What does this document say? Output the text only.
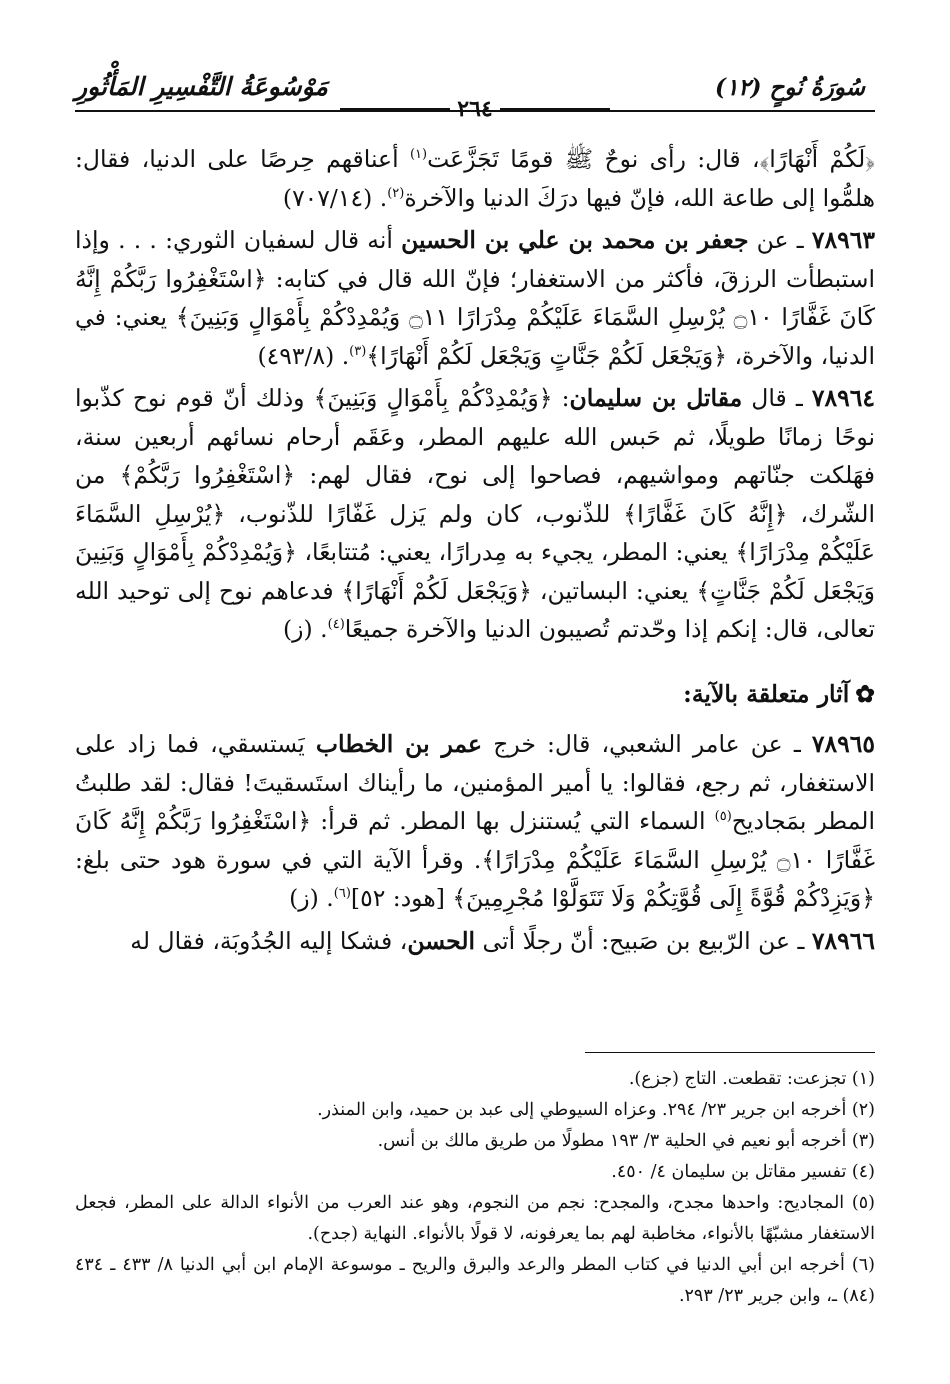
سُورَةُ نُوحٍ (١٢)
مَوْسُوعَةُ التَّفْسِيرِ المَأْثُورِ
٢٦٤

﴿لَكُمْ أَنْهَارًا﴾، قال: رأى نوحٌ ﷺ قومًا تَجَزَّعَت$^{(١)}$ أعناقهم حِرصًا على الدنيا، فقال: هلمُّوا إلى طاعة الله، فإنّ فيها درَكَ الدنيا والآخرة$^{(٢)}$. (٧٠٧/١٤)

٧٨٩٦٣ ـ عن جعفر بن محمد بن علي بن الحسين أنه قال لسفيان الثوري: . . . وإذا استبطأت الرزقَ، فأكثر من الاستغفار؛ فإنّ الله قال في كتابه: ﴿اسْتَغْفِرُوا رَبَّكُمْ إِنَّهُ كَانَ غَفَّارًا ۝١٠ يُرْسِلِ السَّمَاءَ عَلَيْكُمْ مِدْرَارًا ۝١١ وَيُمْدِدْكُمْ بِأَمْوَالٍ وَبَنِينَ﴾ يعني: في الدنيا، والآخرة، ﴿وَيَجْعَل لَكُمْ جَنَّاتٍ وَيَجْعَل لَكُمْ أَنْهَارًا﴾$^{(٣)}$. (٤٩٣/٨)

٧٨٩٦٤ ـ قال مقاتل بن سليمان: ﴿وَيُمْدِدْكُمْ بِأَمْوَالٍ وَبَنِينَ﴾ وذلك أنّ قوم نوح كذّبوا نوحًا زمانًا طويلًا، ثم حَبس الله عليهم المطر، وعَقَم أرحام نسائهم أربعين سنة، فهَلكت جنّاتهم ومواشيهم، فصاحوا إلى نوح، فقال لهم: ﴿اسْتَغْفِرُوا رَبَّكُمْ﴾ من الشّرك، ﴿إِنَّهُ كَانَ غَفَّارًا﴾ للذّنوب، كان ولم يَزل غَفّارًا للذّنوب، ﴿يُرْسِلِ السَّمَاءَ عَلَيْكُمْ مِدْرَارًا﴾ يعني: المطر، يجيء به مِدرارًا، يعني: مُتتابعًا، ﴿وَيُمْدِدْكُمْ بِأَمْوَالٍ وَبَنِينَ وَيَجْعَل لَكُمْ جَنَّاتٍ﴾ يعني: البساتين، ﴿وَيَجْعَل لَكُمْ أَنْهَارًا﴾ فدعاهم نوح إلى توحيد الله تعالى، قال: إنكم إذا وحّدتم تُصيبون الدنيا والآخرة جميعًا$^{(٤)}$. (ز)

✿آثار متعلقة بالآية:

٧٨٩٦٥ ـ عن عامر الشعبي، قال: خرج عمر بن الخطاب يَستسقي، فما زاد على الاستغفار، ثم رجع، فقالوا: يا أمير المؤمنين، ما رأيناك استَسقيتَ! فقال: لقد طلبتُ المطر بمَجاديح$^{(٥)}$ السماء التي يُستنزل بها المطر. ثم قرأ: ﴿اسْتَغْفِرُوا رَبَّكُمْ إِنَّهُ كَانَ غَفَّارًا ۝١٠ يُرْسِلِ السَّمَاءَ عَلَيْكُمْ مِدْرَارًا﴾. وقرأ الآية التي في سورة هود حتى بلغ: ﴿وَيَزِدْكُمْ قُوَّةً إِلَى قُوَّتِكُمْ وَلَا تَتَوَلَّوْا مُجْرِمِينَ﴾ [هود: ٥٢]$^{(٦)}$. (ز)

٧٨٩٦٦ ـ عن الرّبيع بن صَبيح: أنّ رجلًا أتى الحسن، فشكا إليه الجُدُوبَة، فقال له

(١) تجزعت: تقطعت. التاج (جزع).
(٢) أخرجه ابن جرير ٢٣/ ٢٩٤. وعزاه السيوطي إلى عبد بن حميد، وابن المنذر.
(٣) أخرجه أبو نعيم في الحلية ٣/ ١٩٣ مطولًا من طريق مالك بن أنس.
(٤) تفسير مقاتل بن سليمان ٤/ ٤٥٠.
(٥) المجاديح: واحدها مجدح، والمجدح: نجم من النجوم، وهو عند العرب من الأنواء الدالة على المطر، فجعل الاستغفار مشبّهًا بالأنواء، مخاطبة لهم بما يعرفونه، لا قولًا بالأنواء. النهاية (جدح).
(٦) أخرجه ابن أبي الدنيا في كتاب المطر والرعد والبرق والريح ـ موسوعة الإمام ابن أبي الدنيا ٨/ ٤٣٣ ـ ٤٣٤ (٨٤) ـ، وابن جرير ٢٣/ ٢٩٣.
